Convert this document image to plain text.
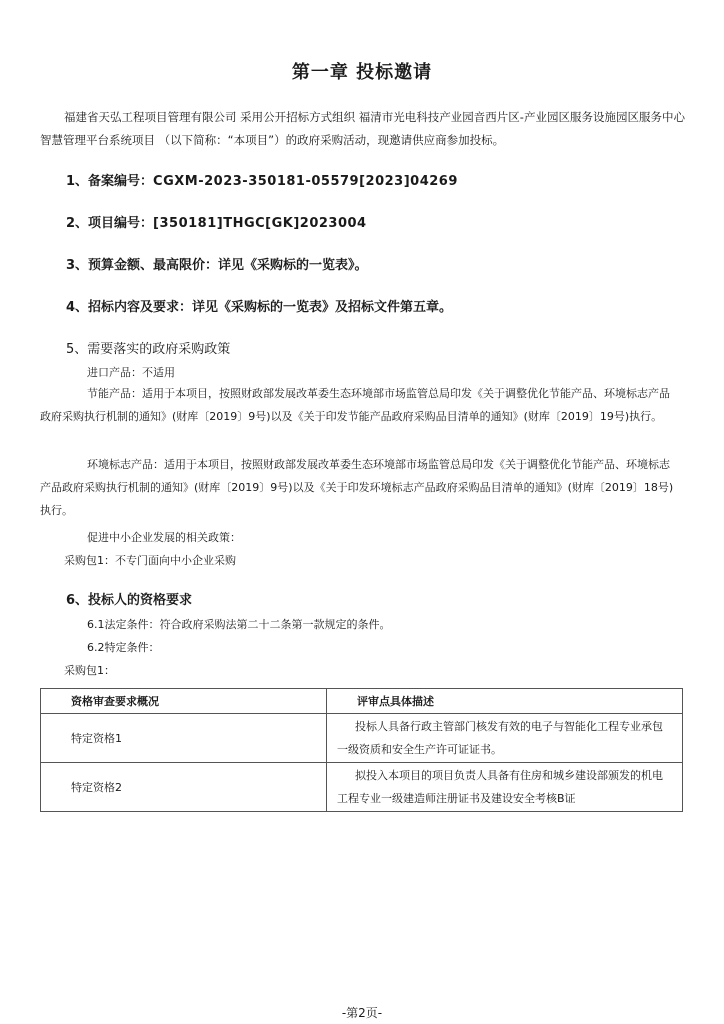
第一章 投标邀请
福建省天弘工程项目管理有限公司 采用公开招标方式组织 福清市光电科技产业园音西片区-产业园区服务设施园区服务中心智慧管理平台系统项目 （以下简称：“本项目”）的政府采购活动，现邀请供应商参加投标。
1、备案编号：CGXM-2023-350181-05579[2023]04269
2、项目编号：[350181]THGC[GK]2023004
3、预算金额、最高限价：详见《采购标的一览表》。
4、招标内容及要求：详见《采购标的一览表》及招标文件第五章。
5、需要落实的政府采购政策
进口产品：不适用
节能产品：适用于本项目，按照财政部发展改革委生态环境部市场监管总局印发《关于调整优化节能产品、环境标志产品政府采购执行机制的通知》(财库〔2019〕9号)以及《关于印发节能产品政府采购品目清单的通知》(财库〔2019〕19号)执行。
环境标志产品：适用于本项目，按照财政部发展改革委生态环境部市场监管总局印发《关于调整优化节能产品、环境标志产品政府采购执行机制的通知》(财库〔2019〕9号)以及《关于印发环境标志产品政府采购品目清单的通知》(财库〔2019〕18号)执行。
促进中小企业发展的相关政策：
采购包1：不专门面向中小企业采购
6、投标人的资格要求
6.1法定条件：符合政府采购法第二十二条第一款规定的条件。
6.2特定条件：
采购包1：
资格审查要求概况	评审点具体描述
特定资格1	投标人具备行政主管部门核发有效的电子与智能化工程专业承包一级资质和安全生产许可证证书。
特定资格2	拟投入本项目的项目负责人具备有住房和城乡建设部颁发的机电工程专业一级建造师注册证书及建设安全考核B证
-第2页-
